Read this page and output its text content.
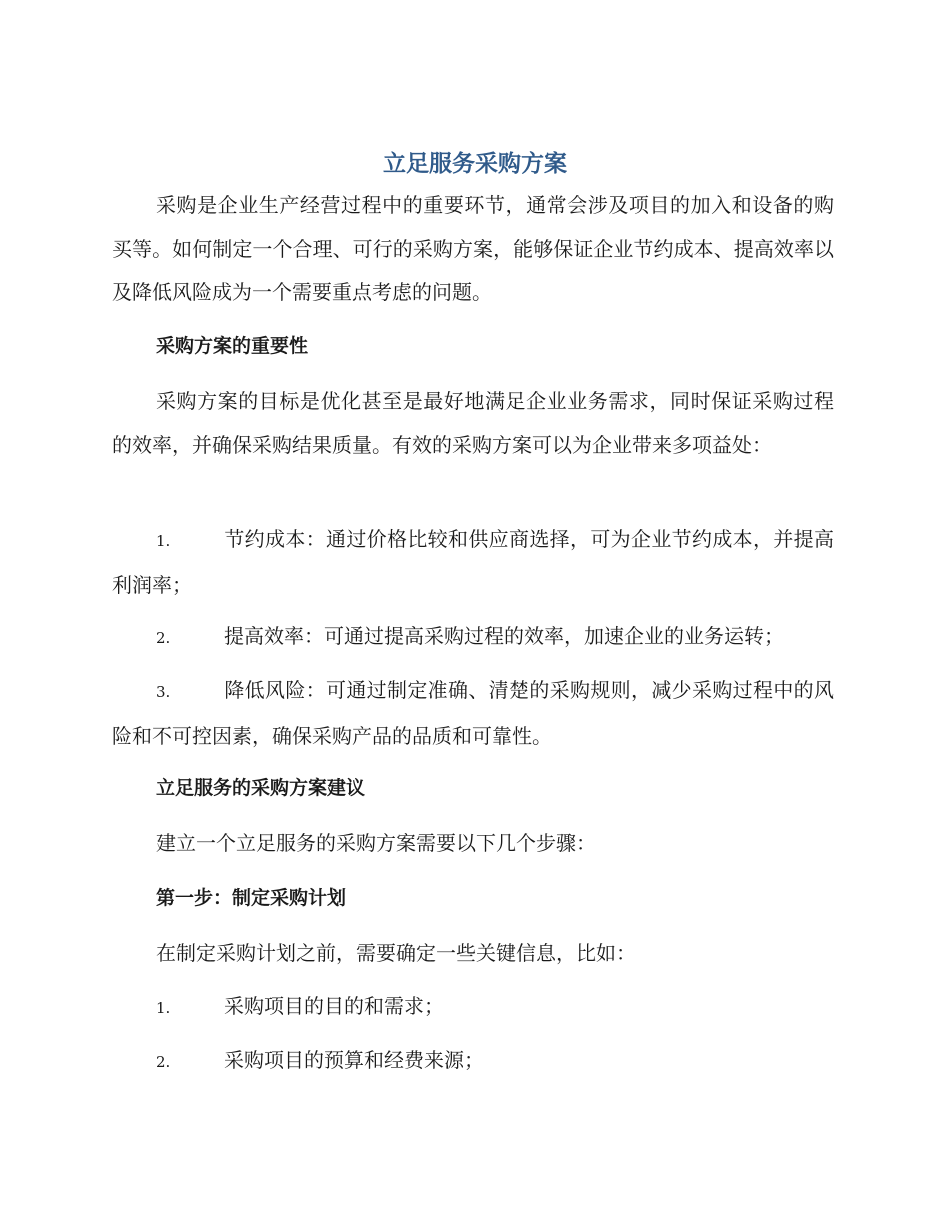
立足服务采购方案
采购是企业生产经营过程中的重要环节，通常会涉及项目的加入和设备的购买等。如何制定一个合理、可行的采购方案，能够保证企业节约成本、提高效率以及降低风险成为一个需要重点考虑的问题。
采购方案的重要性
采购方案的目标是优化甚至是最好地满足企业业务需求，同时保证采购过程的效率，并确保采购结果质量。有效的采购方案可以为企业带来多项益处：
1.	节约成本：通过价格比较和供应商选择，可为企业节约成本，并提高利润率；
2.	提高效率：可通过提高采购过程的效率，加速企业的业务运转；
3.	降低风险：可通过制定准确、清楚的采购规则，减少采购过程中的风险和不可控因素，确保采购产品的品质和可靠性。
立足服务的采购方案建议
建立一个立足服务的采购方案需要以下几个步骤：
第一步：制定采购计划
在制定采购计划之前，需要确定一些关键信息，比如：
1.	采购项目的目的和需求；
2.	采购项目的预算和经费来源；
